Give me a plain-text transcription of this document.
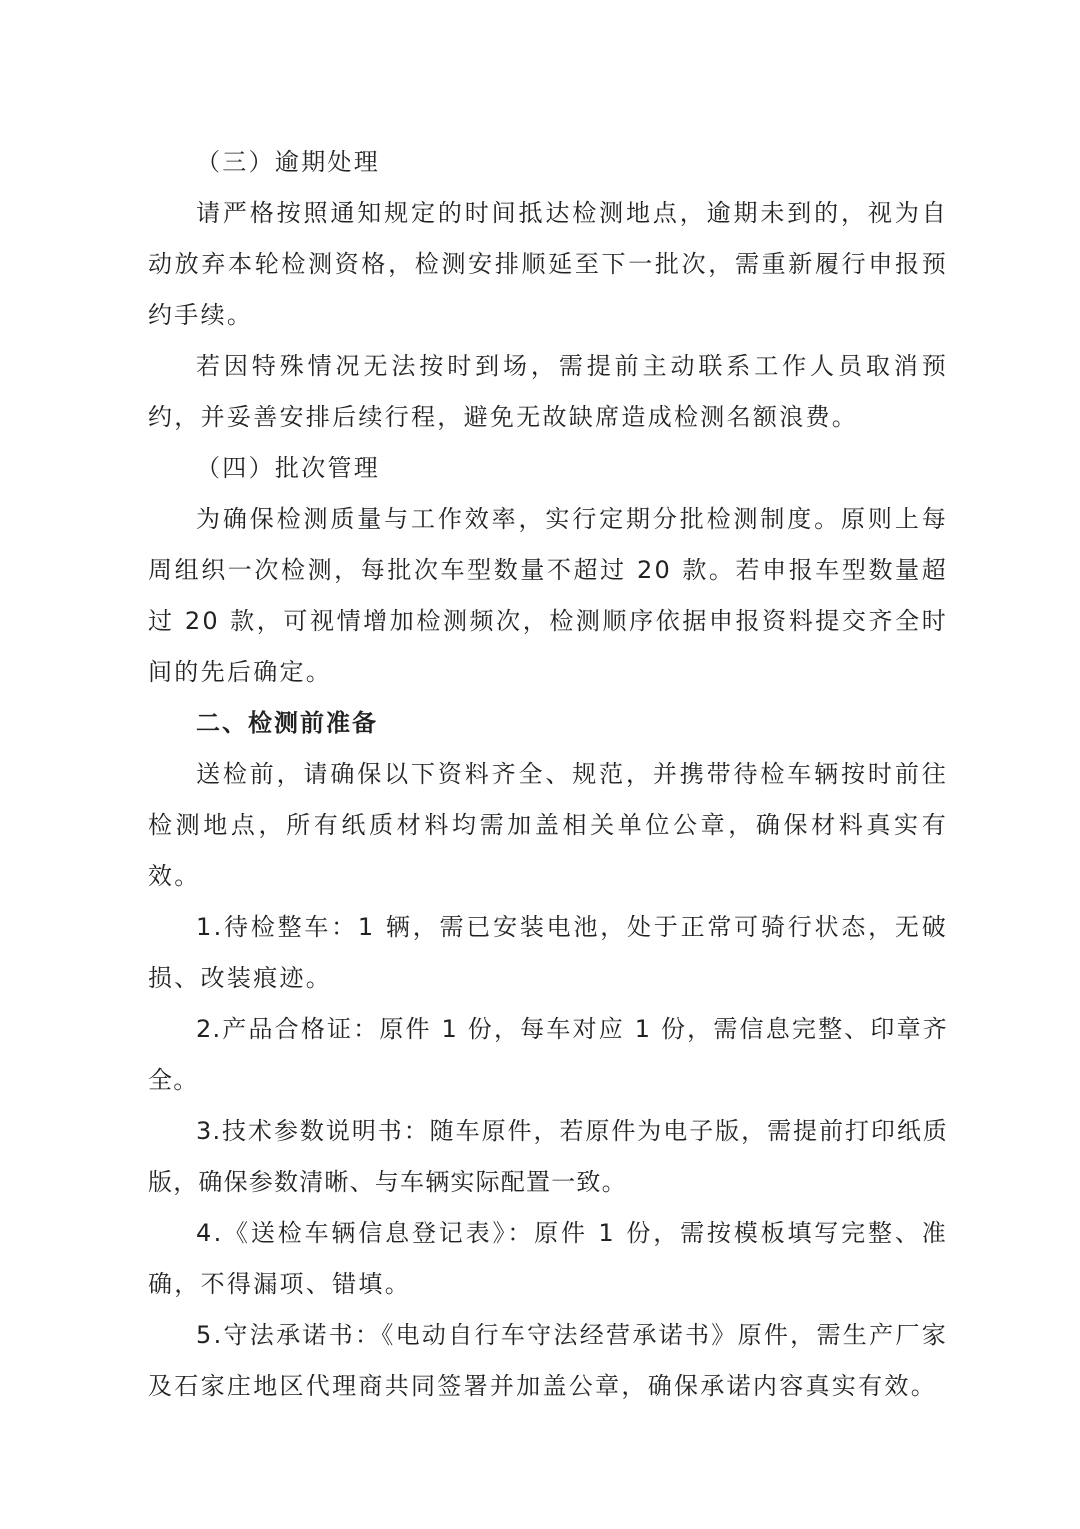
（三）逾期处理

请严格按照通知规定的时间抵达检测地点，逾期未到的，视为自动放弃本轮检测资格，检测安排顺延至下一批次，需重新履行申报预约手续。

若因特殊情况无法按时到场，需提前主动联系工作人员取消预约，并妥善安排后续行程，避免无故缺席造成检测名额浪费。

（四）批次管理

为确保检测质量与工作效率，实行定期分批检测制度。原则上每周组织一次检测，每批次车型数量不超过 20 款。若申报车型数量超过 20 款，可视情增加检测频次，检测顺序依据申报资料提交齐全时间的先后确定。

二、检测前准备

送检前，请确保以下资料齐全、规范，并携带待检车辆按时前往检测地点，所有纸质材料均需加盖相关单位公章，确保材料真实有效。

1.待检整车：1 辆，需已安装电池，处于正常可骑行状态，无破损、改装痕迹。

2.产品合格证：原件 1 份，每车对应 1 份，需信息完整、印章齐全。

3.技术参数说明书：随车原件，若原件为电子版，需提前打印纸质版，确保参数清晰、与车辆实际配置一致。

4.《送检车辆信息登记表》：原件 1 份，需按模板填写完整、准确，不得漏项、错填。

5.守法承诺书：《电动自行车守法经营承诺书》原件，需生产厂家及石家庄地区代理商共同签署并加盖公章，确保承诺内容真实有效。
